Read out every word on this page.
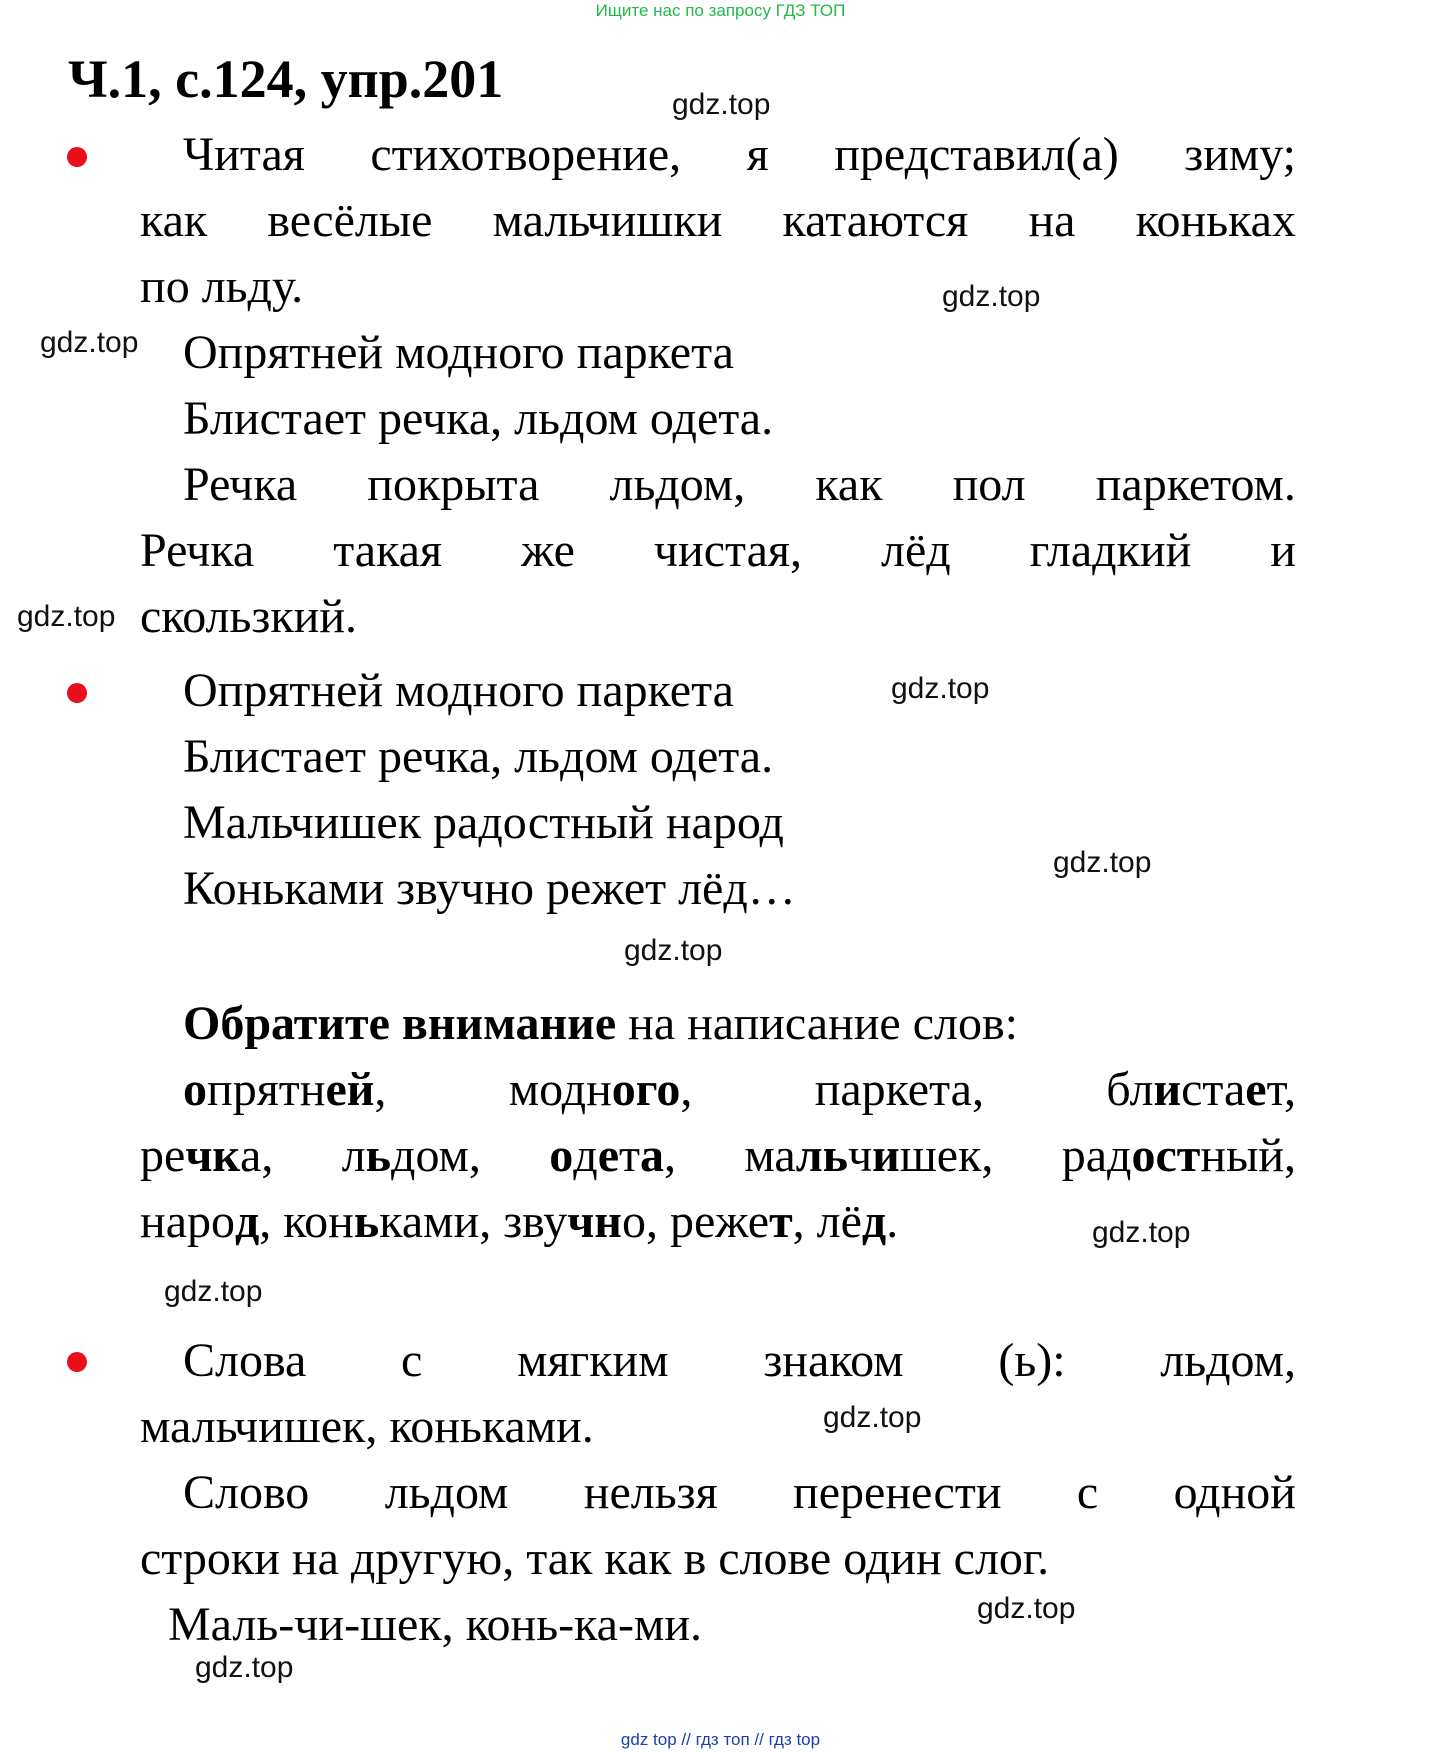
Ищите нас по запросу ГДЗ ТОП
Ч.1, с.124, упр.201
Читая стихотворение, я представил(а) зиму;
как весёлые мальчишки катаются на коньках
по льду.
Опрятней модного паркета
Блистает речка, льдом одета.
Речка покрыта льдом, как пол паркетом.
Речка такая же чистая, лёд гладкий и
скользкий.
Опрятней модного паркета
Блистает речка, льдом одета.
Мальчишек радостный народ
Коньками звучно режет лёд…
Обратите внимание на написание слов:
опрятней,	модного,	паркета,	блистает,
речка, льдом, одета, мальчишек, радостный,
народ, коньками, звучно, режет, лёд.
Слова с мягким знаком (ь): льдом,
мальчишек, коньками.
Слово льдом нельзя перенести с одной
строки на другую, так как в слове один слог.
Маль-чи-шек, конь-ка-ми.
gdz.top
gdz.top
gdz.top
gdz.top
gdz.top
gdz.top
gdz.top
gdz.top
gdz.top
gdz.top
gdz.top
gdz.top
gdz top // гдз топ // гдз top
